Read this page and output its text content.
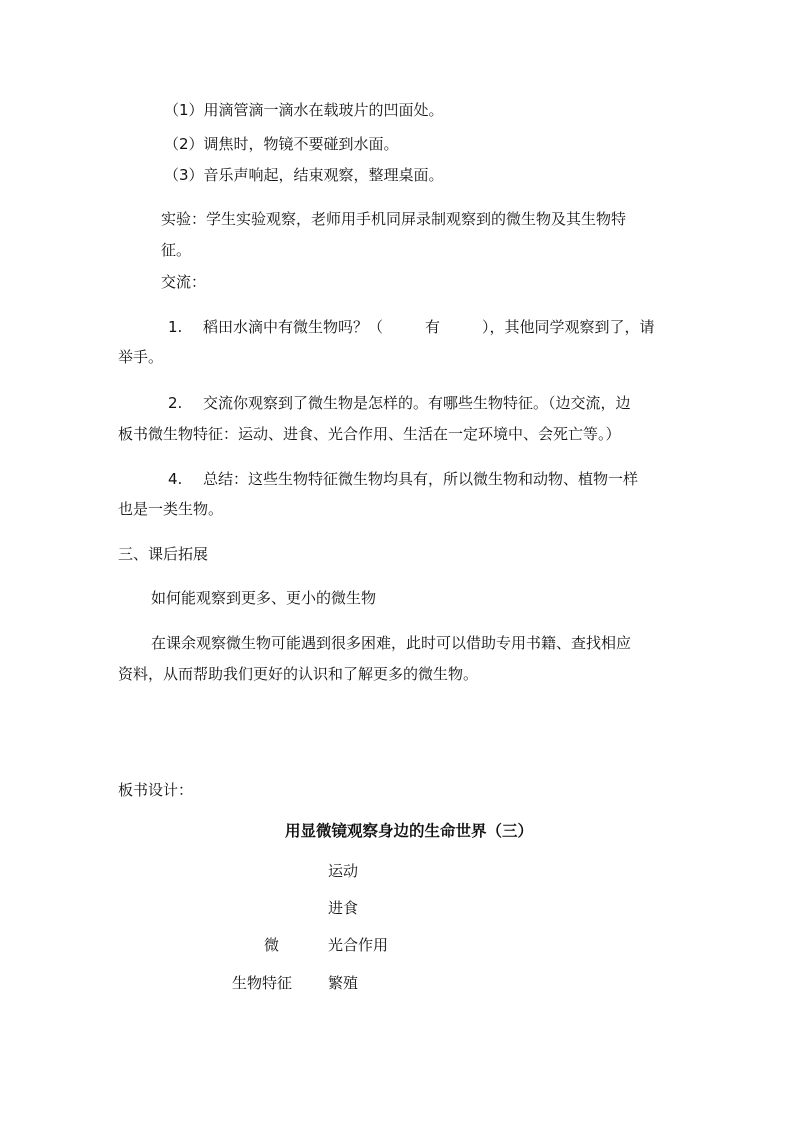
（1）用滴管滴一滴水在载玻片的凹面处。
（2）调焦时，物镜不要碰到水面。
（3）音乐声响起，结束观察，整理桌面。
实验：学生实验观察，老师用手机同屏录制观察到的微生物及其生物特
征。
交流：
1. 稻田水滴中有微生物吗？（	有	），其他同学观察到了，请
举手。
2. 交流你观察到了微生物是怎样的。有哪些生物特征。（边交流，边
板书微生物特征：运动、进食、光合作用、生活在一定环境中、会死亡等。）
4. 总结：这些生物特征微生物均具有，所以微生物和动物、植物一样
也是一类生物。
三、课后拓展
如何能观察到更多、更小的微生物
在课余观察微生物可能遇到很多困难，此时可以借助专用书籍、查找相应
资料，从而帮助我们更好的认识和了解更多的微生物。
板书设计：
用显微镜观察身边的生命世界（三）
运动
进食
微	光合作用
生物特征 繁殖
